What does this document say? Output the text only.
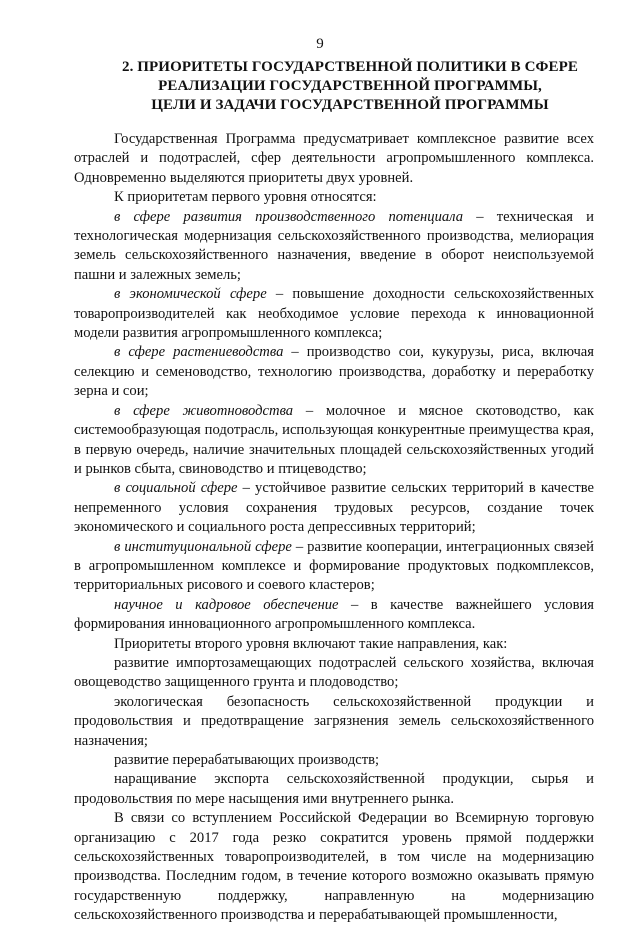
9
2. ПРИОРИТЕТЫ ГОСУДАРСТВЕННОЙ ПОЛИТИКИ В СФЕРЕ
РЕАЛИЗАЦИИ ГОСУДАРСТВЕННОЙ ПРОГРАММЫ,
ЦЕЛИ И ЗАДАЧИ ГОСУДАРСТВЕННОЙ ПРОГРАММЫ

Государственная Программа предусматривает комплексное развитие всех отраслей и подотраслей, сфер деятельности агропромышленного комплекса. Одновременно выделяются приоритеты двух уровней.

К приоритетам первого уровня относятся:

в сфере развития производственного потенциала – техническая и технологическая модернизация сельскохозяйственного производства, мелиорация земель сельскохозяйственного назначения, введение в оборот неиспользуемой пашни и залежных земель;

в экономической сфере – повышение доходности сельскохозяйственных товаропроизводителей как необходимое условие перехода к инновационной модели развития агропромышленного комплекса;

в сфере растениеводства – производство сои, кукурузы, риса, включая селекцию и семеноводство, технологию производства, доработку и переработку зерна и сои;

в сфере животноводства – молочное и мясное скотоводство, как системообразующая подотрасль, использующая конкурентные преимущества края, в первую очередь, наличие значительных площадей сельскохозяйственных угодий и рынков сбыта, свиноводство и птицеводство;

в социальной сфере – устойчивое развитие сельских территорий в качестве непременного условия сохранения трудовых ресурсов, создание точек экономического и социального роста депрессивных территорий;

в институциональной сфере – развитие кооперации, интеграционных связей в агропромышленном комплексе и формирование продуктовых подкомплексов, территориальных рисового и соевого кластеров;

научное и кадровое обеспечение – в качестве важнейшего условия формирования инновационного агропромышленного комплекса.

Приоритеты второго уровня включают такие направления, как:

развитие импортозамещающих подотраслей сельского хозяйства, включая овощеводство защищенного грунта и плодоводство;

экологическая безопасность сельскохозяйственной продукции и продовольствия и предотвращение загрязнения земель сельскохозяйственного назначения;

развитие перерабатывающих производств;

наращивание экспорта сельскохозяйственной продукции, сырья и продовольствия по мере насыщения ими внутреннего рынка.

В связи со вступлением Российской Федерации во Всемирную торговую организацию с 2017 года резко сократится уровень прямой поддержки сельскохозяйственных товаропроизводителей, в том числе на модернизацию производства. Последним годом, в течение которого возможно оказывать прямую государственную поддержку, направленную на модернизацию сельскохозяйственного производства и перерабатывающей промышленности,
